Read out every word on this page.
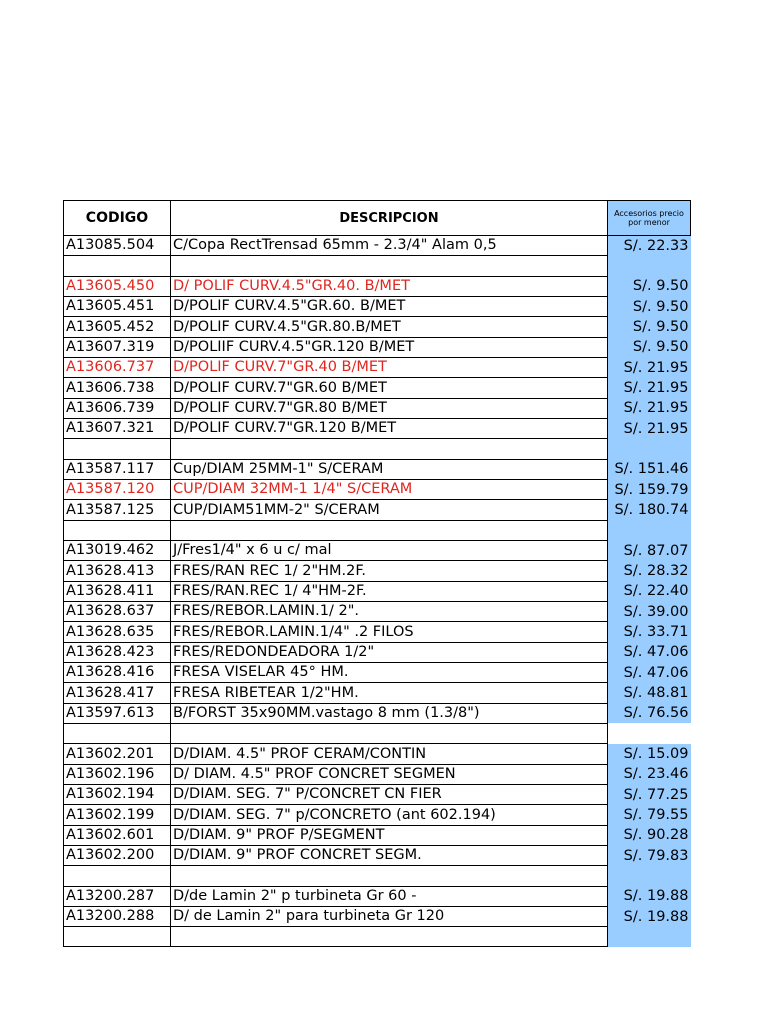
CODIGO	DESCRIPCION	Accesorios precio por menor
A13085.504	C/Copa RectTrensad 65mm - 2.3/4" Alam 0,5	S/. 22.33

A13605.450	D/ POLIF CURV.4.5"GR.40. B/MET	S/. 9.50
A13605.451	D/POLIF CURV.4.5"GR.60. B/MET	S/. 9.50
A13605.452	D/POLIF CURV.4.5"GR.80.B/MET	S/. 9.50
A13607.319	D/POLIIF CURV.4.5"GR.120 B/MET	S/. 9.50
A13606.737	D/POLIF CURV.7"GR.40 B/MET	S/. 21.95
A13606.738	D/POLIF CURV.7"GR.60 B/MET	S/. 21.95
A13606.739	D/POLIF CURV.7"GR.80 B/MET	S/. 21.95
A13607.321	D/POLIF CURV.7"GR.120 B/MET	S/. 21.95

A13587.117	Cup/DIAM 25MM-1" S/CERAM	S/. 151.46
A13587.120	CUP/DIAM 32MM-1 1/4" S/CERAM	S/. 159.79
A13587.125	CUP/DIAM51MM-2" S/CERAM	S/. 180.74

A13019.462	J/Fres1/4" x 6 u c/ mal	S/. 87.07
A13628.413	FRES/RAN REC 1/ 2"HM.2F.	S/. 28.32
A13628.411	FRES/RAN.REC 1/ 4"HM-2F.	S/. 22.40
A13628.637	FRES/REBOR.LAMIN.1/ 2".	S/. 39.00
A13628.635	FRES/REBOR.LAMIN.1/4" .2 FILOS	S/. 33.71
A13628.423	FRES/REDONDEADORA 1/2"	S/. 47.06
A13628.416	FRESA VISELAR 45° HM.	S/. 47.06
A13628.417	FRESA RIBETEAR 1/2"HM.	S/. 48.81
A13597.613	B/FORST 35x90MM.vastago 8 mm (1.3/8")	S/. 76.56

A13602.201	D/DIAM. 4.5" PROF CERAM/CONTIN	S/. 15.09
A13602.196	D/ DIAM. 4.5" PROF CONCRET SEGMEN	S/. 23.46
A13602.194	D/DIAM. SEG. 7" P/CONCRET CN FIER	S/. 77.25
A13602.199	D/DIAM. SEG. 7" p/CONCRETO (ant 602.194)	S/. 79.55
A13602.601	D/DIAM. 9" PROF P/SEGMENT	S/. 90.28
A13602.200	D/DIAM. 9" PROF CONCRET SEGM.	S/. 79.83

A13200.287	D/de Lamin 2" p turbineta Gr 60 -	S/. 19.88
A13200.288	D/ de Lamin 2" para turbineta Gr 120	S/. 19.88
